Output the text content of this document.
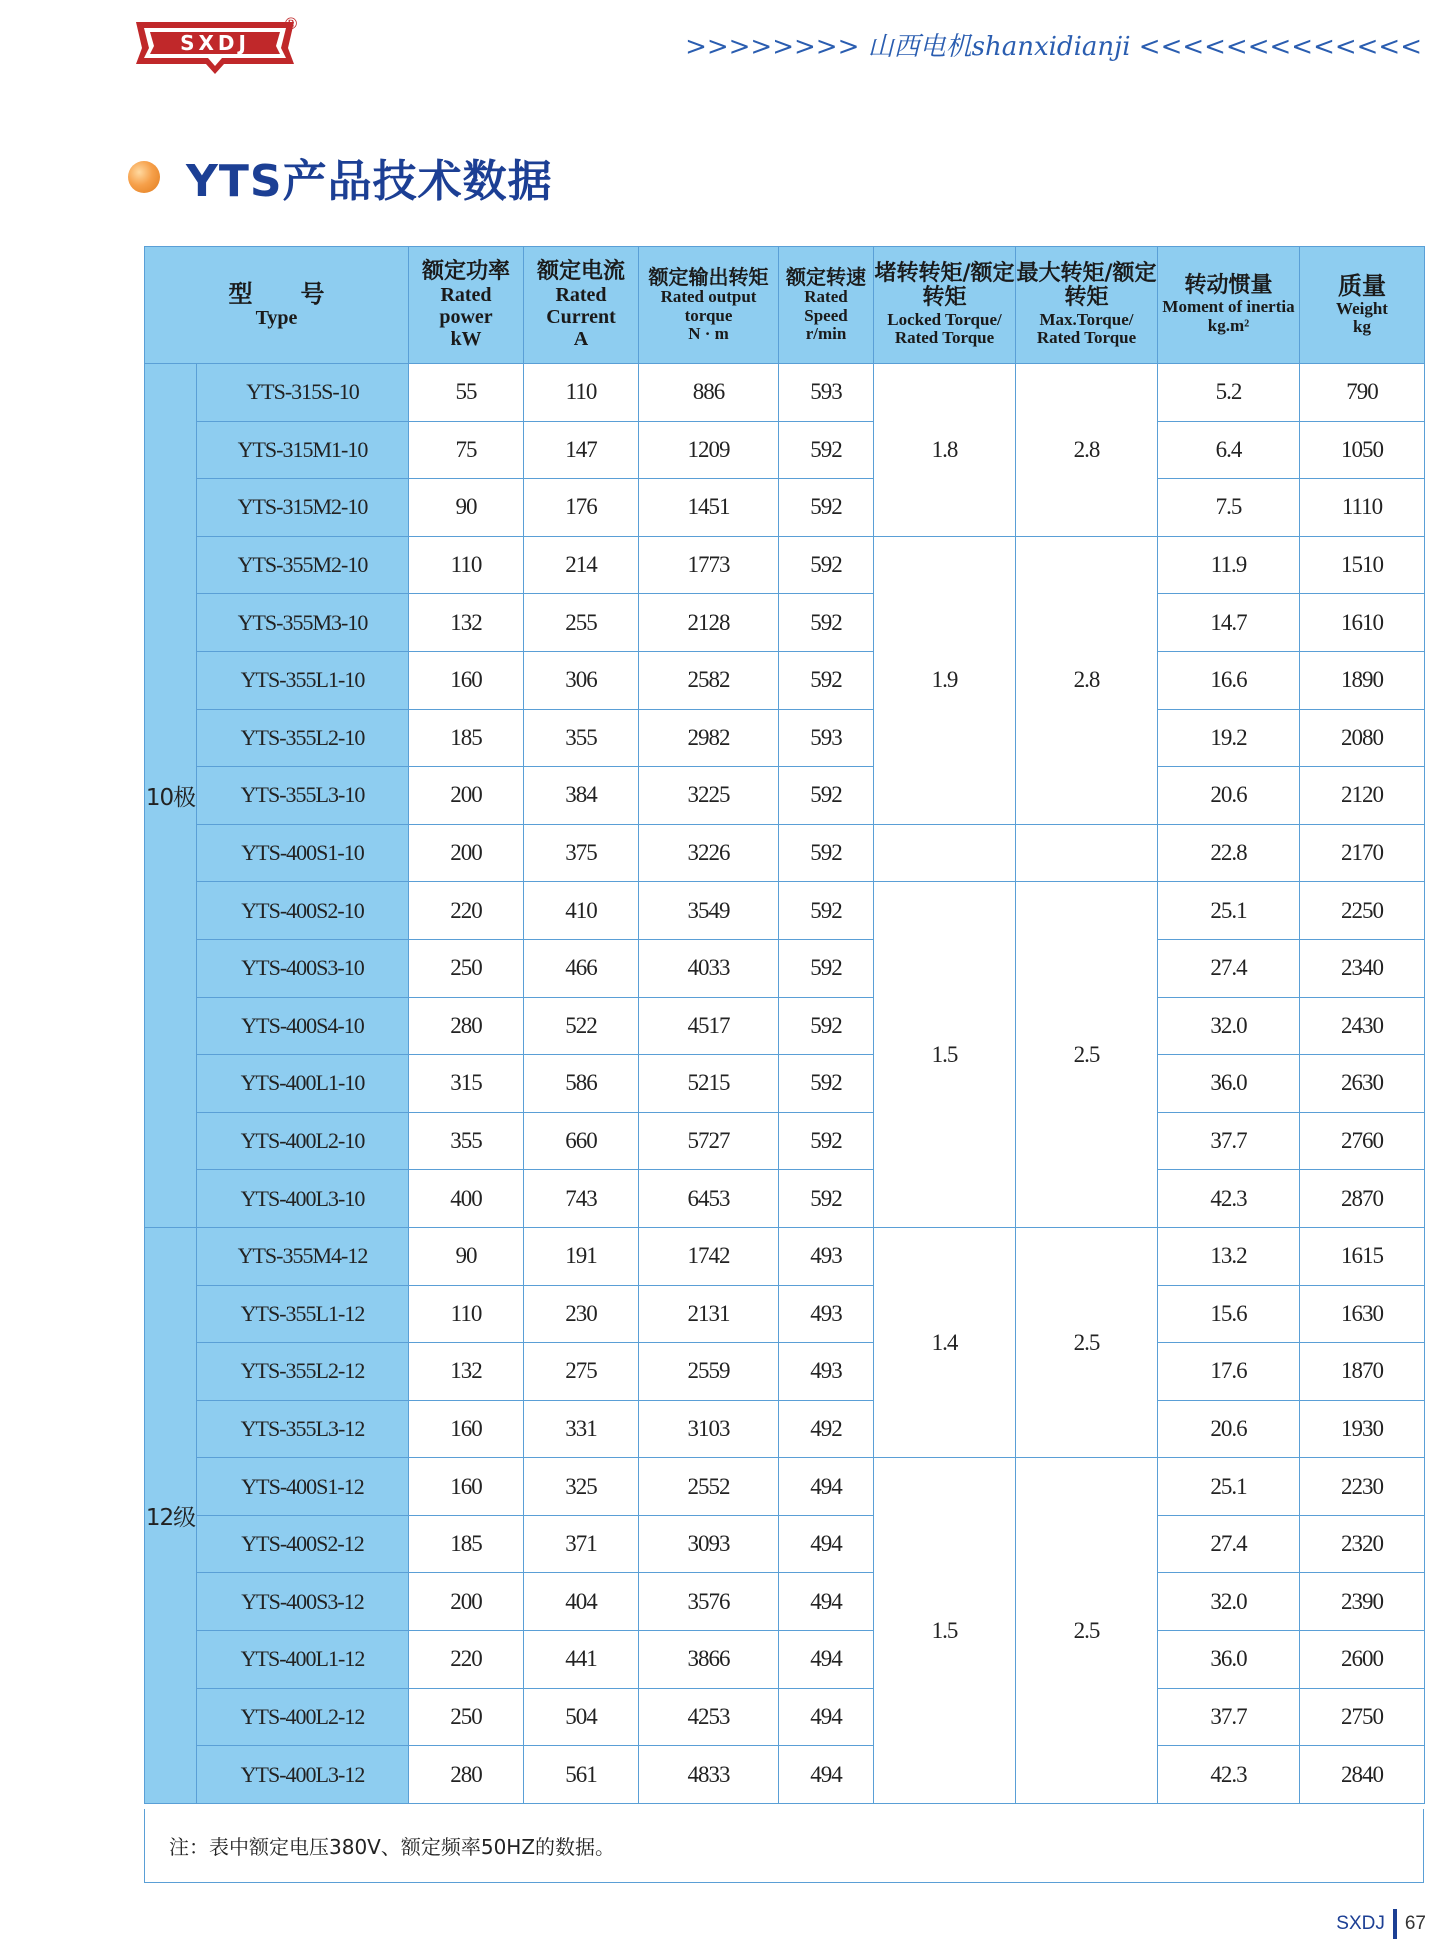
SXDJ
®
>>>>>>>> 山西电机shanxidianji <<<<<<<<<<<<<
YTS产品技术数据
型　　号
Type		额定功率
Rated
power
kW	额定电流
Rated
Current
A	额定输出转矩
Rated output
torque
N · m	额定转速
Rated
Speed
r/min	堵转转矩/额定转矩
Locked Torque/
Rated Torque	最大转矩/额定转矩
Max.Torque/
Rated Torque	转动惯量
Moment of inertia
kg.m²	质量
Weight
kg

10极	YTS-315S-10	55	110	886	593	1.8	2.8	5.2	790
	YTS-315M1-10	75	147	1209	592			6.4	1050
	YTS-315M2-10	90	176	1451	592			7.5	1110
	YTS-355M2-10	110	214	1773	592	1.9	2.8	11.9	1510
	YTS-355M3-10	132	255	2128	592			14.7	1610
	YTS-355L1-10	160	306	2582	592			16.6	1890
	YTS-355L2-10	185	355	2982	593			19.2	2080
	YTS-355L3-10	200	384	3225	592			20.6	2120
	YTS-400S1-10	200	375	3226	592			22.8	2170
	YTS-400S2-10	220	410	3549	592	1.5	2.5	25.1	2250
	YTS-400S3-10	250	466	4033	592			27.4	2340
	YTS-400S4-10	280	522	4517	592			32.0	2430
	YTS-400L1-10	315	586	5215	592			36.0	2630
	YTS-400L2-10	355	660	5727	592			37.7	2760
	YTS-400L3-10	400	743	6453	592			42.3	2870
12级	YTS-355M4-12	90	191	1742	493	1.4	2.5	13.2	1615
	YTS-355L1-12	110	230	2131	493			15.6	1630
	YTS-355L2-12	132	275	2559	493			17.6	1870
	YTS-355L3-12	160	331	3103	492			20.6	1930
	YTS-400S1-12	160	325	2552	494	1.5	2.5	25.1	2230
	YTS-400S2-12	185	371	3093	494			27.4	2320
	YTS-400S3-12	200	404	3576	494			32.0	2390
	YTS-400L1-12	220	441	3866	494			36.0	2600
	YTS-400L2-12	250	504	4253	494			37.7	2750
	YTS-400L3-12	280	561	4833	494			42.3	2840
注：表中额定电压380V、额定频率50HZ的数据。
SXDJ 67
